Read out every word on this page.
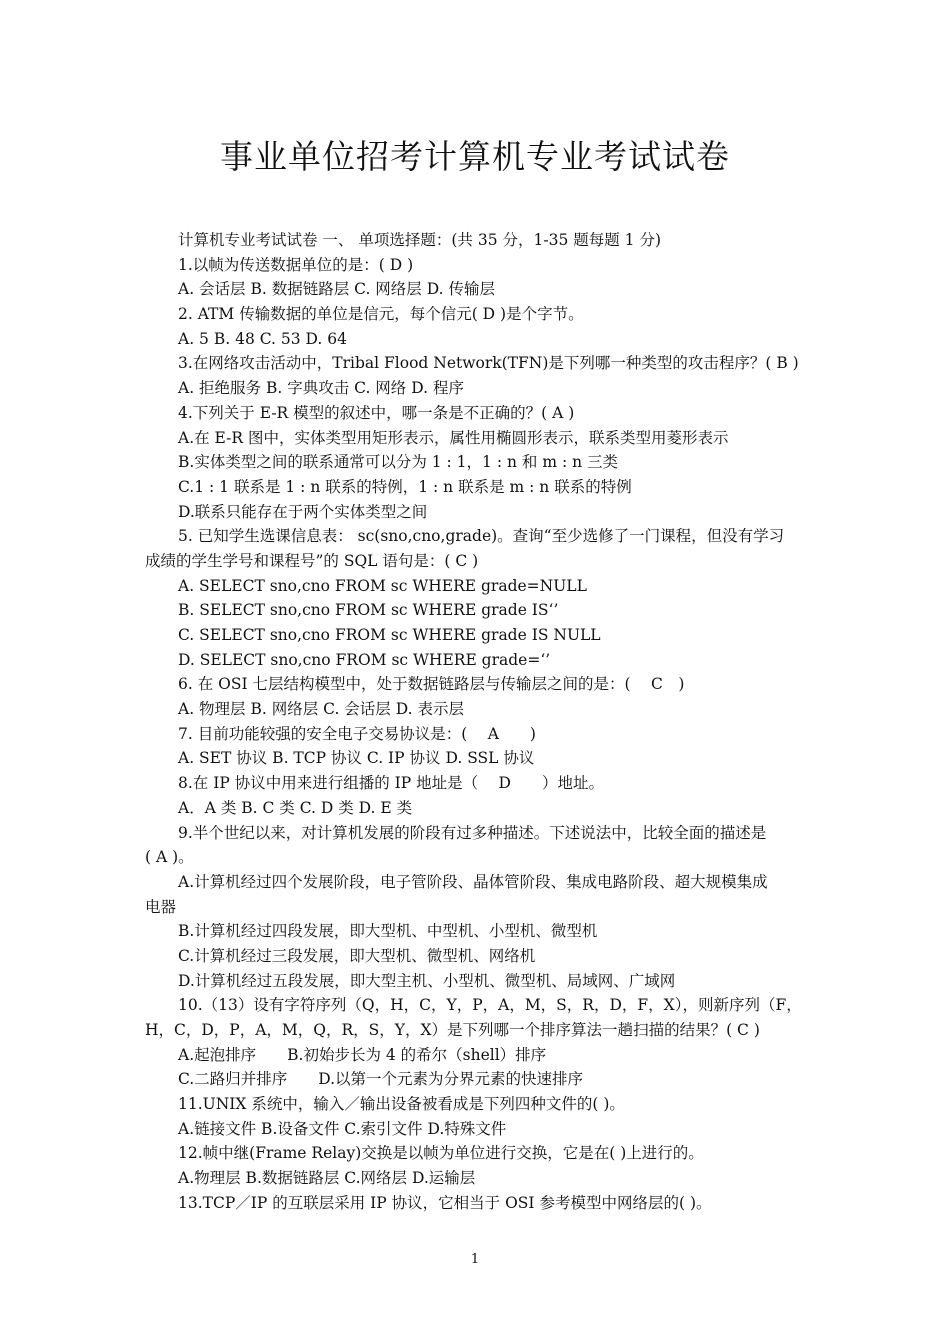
事业单位招考计算机专业考试试卷
计算机专业考试试卷 一、 单项选择题：(共 35 分，1-35 题每题 1 分)
1.以帧为传送数据单位的是：( D )
A. 会话层 B. 数据链路层 C. 网络层 D. 传输层
2. ATM 传输数据的单位是信元，每个信元( D )是个字节。
A. 5 B. 48 C. 53 D. 64
3.在网络攻击活动中，Tribal Flood Network(TFN)是下列哪一种类型的攻击程序？( B )
A. 拒绝服务 B. 字典攻击 C. 网络 D. 程序
4.下列关于 E-R 模型的叙述中，哪一条是不正确的？( A )
A.在 E-R 图中，实体类型用矩形表示，属性用椭圆形表示，联系类型用菱形表示
B.实体类型之间的联系通常可以分为 1 : 1，1 : n 和 m : n 三类
C.1 : 1 联系是 1 : n 联系的特例，1 : n 联系是 m : n 联系的特例
D.联系只能存在于两个实体类型之间
5. 已知学生选课信息表： sc(sno,cno,grade)。查询“至少选修了一门课程，但没有学习
成绩的学生学号和课程号”的 SQL 语句是：( C )
A. SELECT sno,cno FROM sc WHERE grade=NULL
B. SELECT sno,cno FROM sc WHERE grade IS‘’
C. SELECT sno,cno FROM sc WHERE grade IS NULL
D. SELECT sno,cno FROM sc WHERE grade=‘’
6. 在 OSI 七层结构模型中，处于数据链路层与传输层之间的是：(　 C　)
A. 物理层 B. 网络层 C. 会话层 D. 表示层
7. 目前功能较强的安全电子交易协议是：(　 A　　)
A. SET 协议 B. TCP 协议 C. IP 协议 D. SSL 协议
8.在 IP 协议中用来进行组播的 IP 地址是（　 D　　）地址。
A．A 类 B. C 类 C. D 类 D. E 类
9.半个世纪以来，对计算机发展的阶段有过多种描述。下述说法中，比较全面的描述是
( A )。
A.计算机经过四个发展阶段，电子管阶段、晶体管阶段、集成电路阶段、超大规模集成
电器
B.计算机经过四段发展，即大型机、中型机、小型机、微型机
C.计算机经过三段发展，即大型机、微型机、网络机
D.计算机经过五段发展，即大型主机、小型机、微型机、局域网、广域网
10.（13）设有字符序列（Q，H，C，Y，P，A，M，S，R，D，F，X），则新序列（F，
H，C，D，P，A，M，Q，R，S，Y，X）是下列哪一个排序算法一趟扫描的结果？( C )
A.起泡排序　　B.初始步长为 4 的希尔（shell）排序
C.二路归并排序　　D.以第一个元素为分界元素的快速排序
11.UNIX 系统中，输入／输出设备被看成是下列四种文件的( )。
A.链接文件 B.设备文件 C.索引文件 D.特殊文件
12.帧中继(Frame Relay)交换是以帧为单位进行交换，它是在( )上进行的。
A.物理层 B.数据链路层 C.网络层 D.运输层
13.TCP／IP 的互联层采用 IP 协议，它相当于 OSI 参考模型中网络层的( )。
1
